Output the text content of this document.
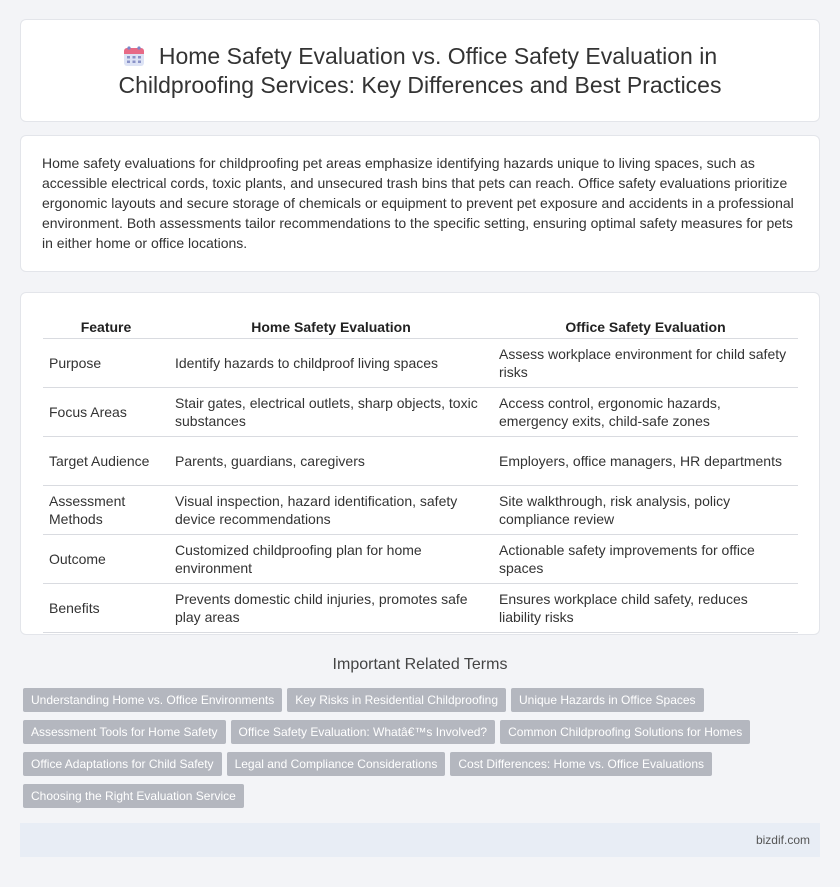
Home Safety Evaluation vs. Office Safety Evaluation in Childproofing Services: Key Differences and Best Practices

Home safety evaluations for childproofing pet areas emphasize identifying hazards unique to living spaces, such as accessible electrical cords, toxic plants, and unsecured trash bins that pets can reach. Office safety evaluations prioritize ergonomic layouts and secure storage of chemicals or equipment to prevent pet exposure and accidents in a professional environment. Both assessments tailor recommendations to the specific setting, ensuring optimal safety measures for pets in either home or office locations.

Feature	Home Safety Evaluation	Office Safety Evaluation
Purpose	Identify hazards to childproof living spaces	Assess workplace environment for child safety risks
Focus Areas	Stair gates, electrical outlets, sharp objects, toxic substances	Access control, ergonomic hazards, emergency exits, child-safe zones
Target Audience	Parents, guardians, caregivers	Employers, office managers, HR departments
Assessment Methods	Visual inspection, hazard identification, safety device recommendations	Site walkthrough, risk analysis, policy compliance review
Outcome	Customized childproofing plan for home environment	Actionable safety improvements for office spaces
Benefits	Prevents domestic child injuries, promotes safe play areas	Ensures workplace child safety, reduces liability risks
Important Related Terms
Understanding Home vs. Office Environments Key Risks in Residential Childproofing Unique Hazards in Office Spaces
Assessment Tools for Home Safety Office Safety Evaluation: Whatâ€™s Involved? Common Childproofing Solutions for Homes
Office Adaptations for Child Safety Legal and Compliance Considerations Cost Differences: Home vs. Office Evaluations
Choosing the Right Evaluation Service
bizdif.com
